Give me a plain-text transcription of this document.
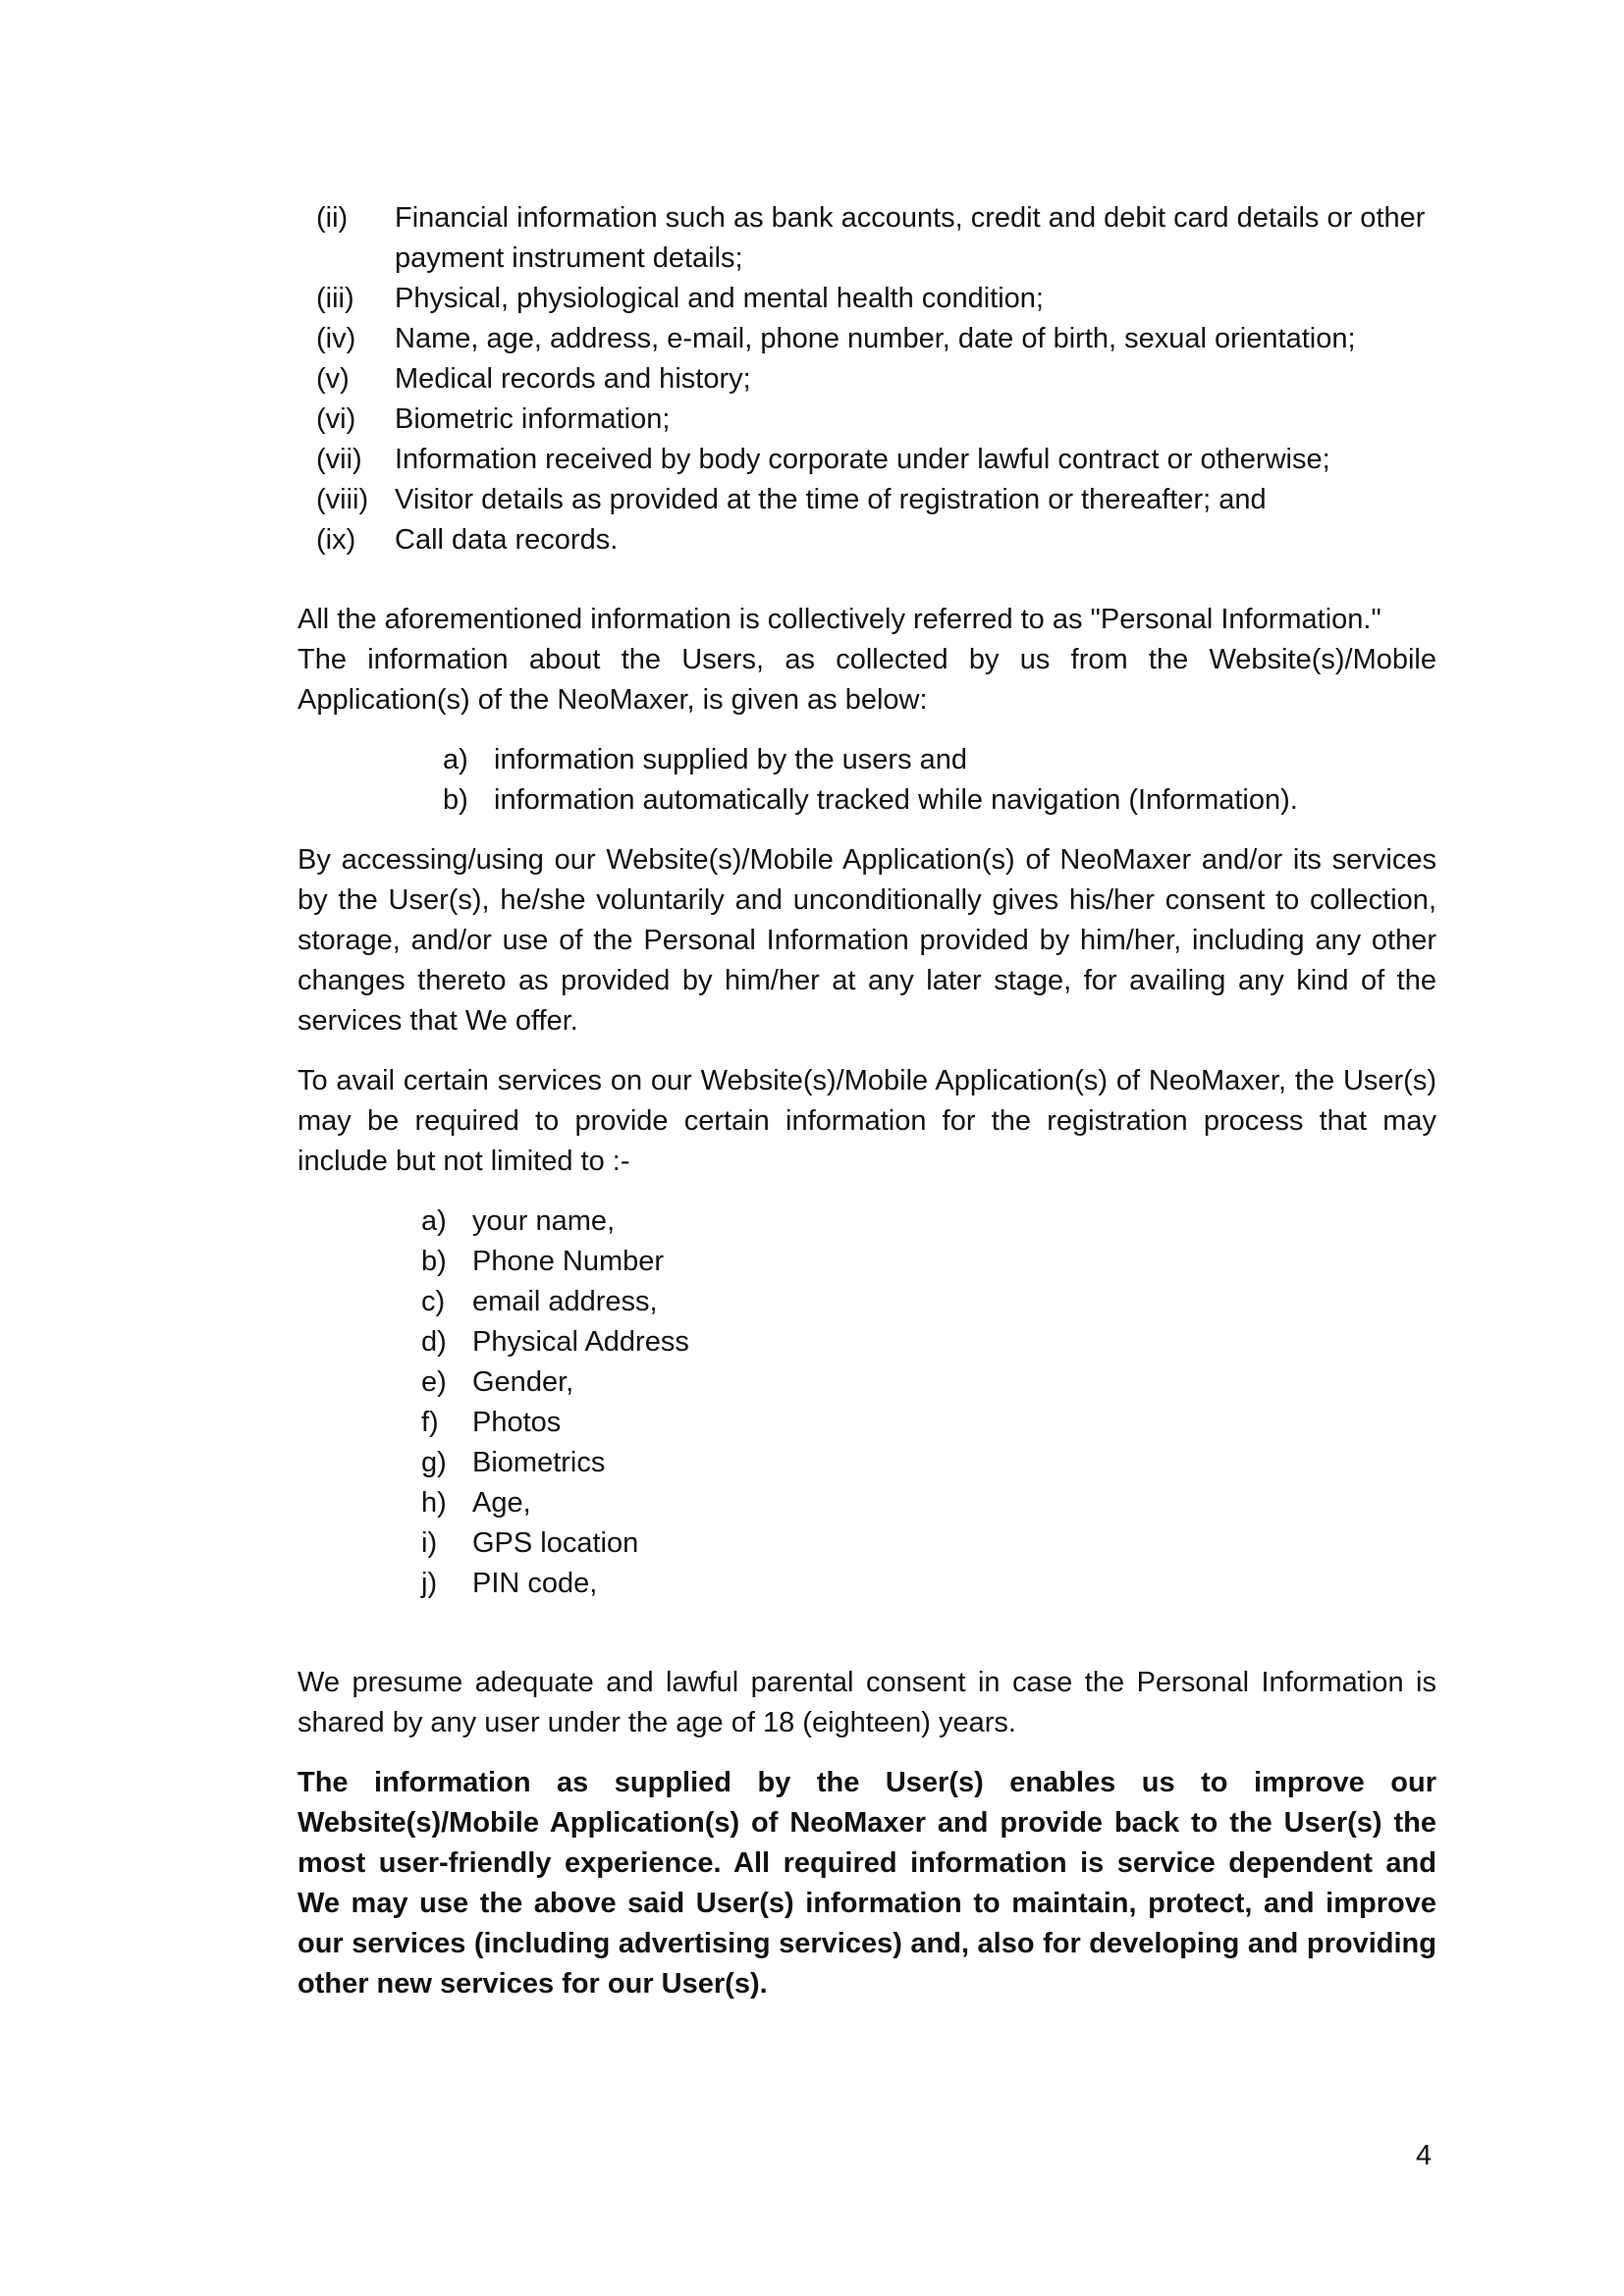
(ii)	Financial information such as bank accounts, credit and debit card details or other payment instrument details;
(iii)	Physical, physiological and mental health condition;
(iv)	Name, age, address, e-mail, phone number, date of birth, sexual orientation;
(v)	Medical records and history;
(vi)	Biometric information;
(vii)	Information received by body corporate under lawful contract or otherwise;
(viii) Visitor details as provided at the time of registration or thereafter; and
(ix)	Call data records.

All the aforementioned information is collectively referred to as "Personal Information."

The information about the Users, as collected by us from the Website(s)/Mobile Application(s) of the NeoMaxer, is given as below:

a) information supplied by the users and
b) information automatically tracked while navigation (Information).

By accessing/using our Website(s)/Mobile Application(s) of NeoMaxer and/or its services by the User(s), he/she voluntarily and unconditionally gives his/her consent to collection, storage, and/or use of the Personal Information provided by him/her, including any other changes thereto as provided by him/her at any later stage, for availing any kind of the services that We offer.

To avail certain services on our Website(s)/Mobile Application(s) of NeoMaxer, the User(s) may be required to provide certain information for the registration process that may include but not limited to :-

a) your name,
b) Phone Number
c) email address,
d) Physical Address
e) Gender,
f)	Photos
g) Biometrics
h) Age,
i)	GPS location
j)	PIN code,

We presume adequate and lawful parental consent in case the Personal Information is shared by any user under the age of 18 (eighteen) years.

The information as supplied by the User(s) enables us to improve our Website(s)/Mobile Application(s) of NeoMaxer and provide back to the User(s) the most user-friendly experience. All required information is service dependent and We may use the above said User(s) information to maintain, protect, and improve our services (including advertising services) and, also for developing and providing other new services for our User(s).

4
